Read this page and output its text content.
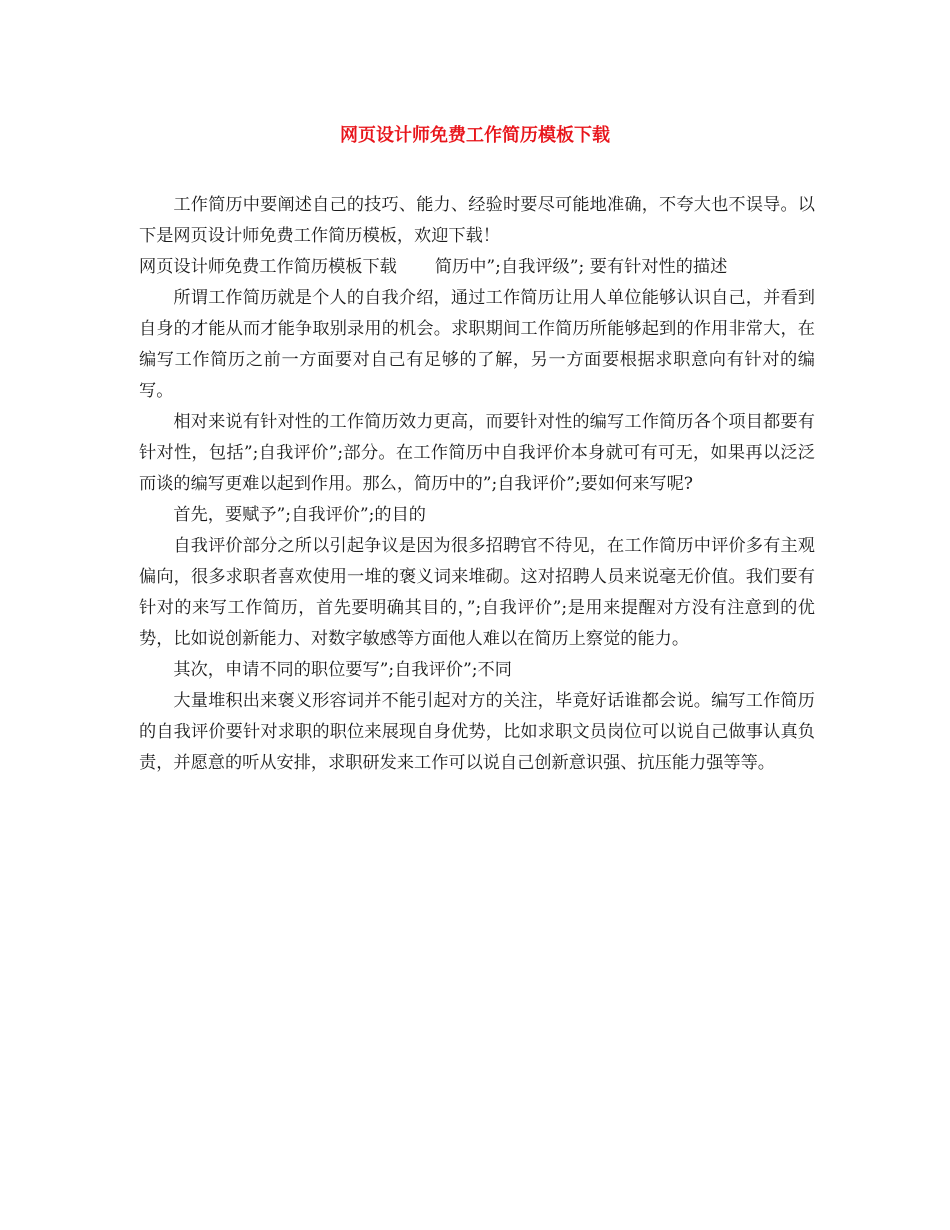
网页设计师免费工作简历模板下载

工作简历中要阐述自己的技巧、能力、经验时要尽可能地准确，不夸大也不误导。以下是网页设计师免费工作简历模板，欢迎下载！

网页设计师免费工作简历模板下载 简历中”;自我评级”; 要有针对性的描述

所谓工作简历就是个人的自我介绍，通过工作简历让用人单位能够认识自己，并看到自身的才能从而才能争取别录用的机会。求职期间工作简历所能够起到的作用非常大，在编写工作简历之前一方面要对自己有足够的了解，另一方面要根据求职意向有针对的编写。

相对来说有针对性的工作简历效力更高，而要针对性的编写工作简历各个项目都要有针对性，包括”;自我评价”;部分。在工作简历中自我评价本身就可有可无，如果再以泛泛而谈的编写更难以起到作用。那么，简历中的”;自我评价”;要如何来写呢?

首先，要赋予”;自我评价”;的目的

自我评价部分之所以引起争议是因为很多招聘官不待见，在工作简历中评价多有主观偏向，很多求职者喜欢使用一堆的褒义词来堆砌。这对招聘人员来说毫无价值。我们要有针对的来写工作简历，首先要明确其目的，”;自我评价”;是用来提醒对方没有注意到的优势，比如说创新能力、对数字敏感等方面他人难以在简历上察觉的能力。

其次，申请不同的职位要写”;自我评价”;不同

大量堆积出来褒义形容词并不能引起对方的关注，毕竟好话谁都会说。编写工作简历的自我评价要针对求职的职位来展现自身优势，比如求职文员岗位可以说自己做事认真负责，并愿意的听从安排，求职研发来工作可以说自己创新意识强、抗压能力强等等。
